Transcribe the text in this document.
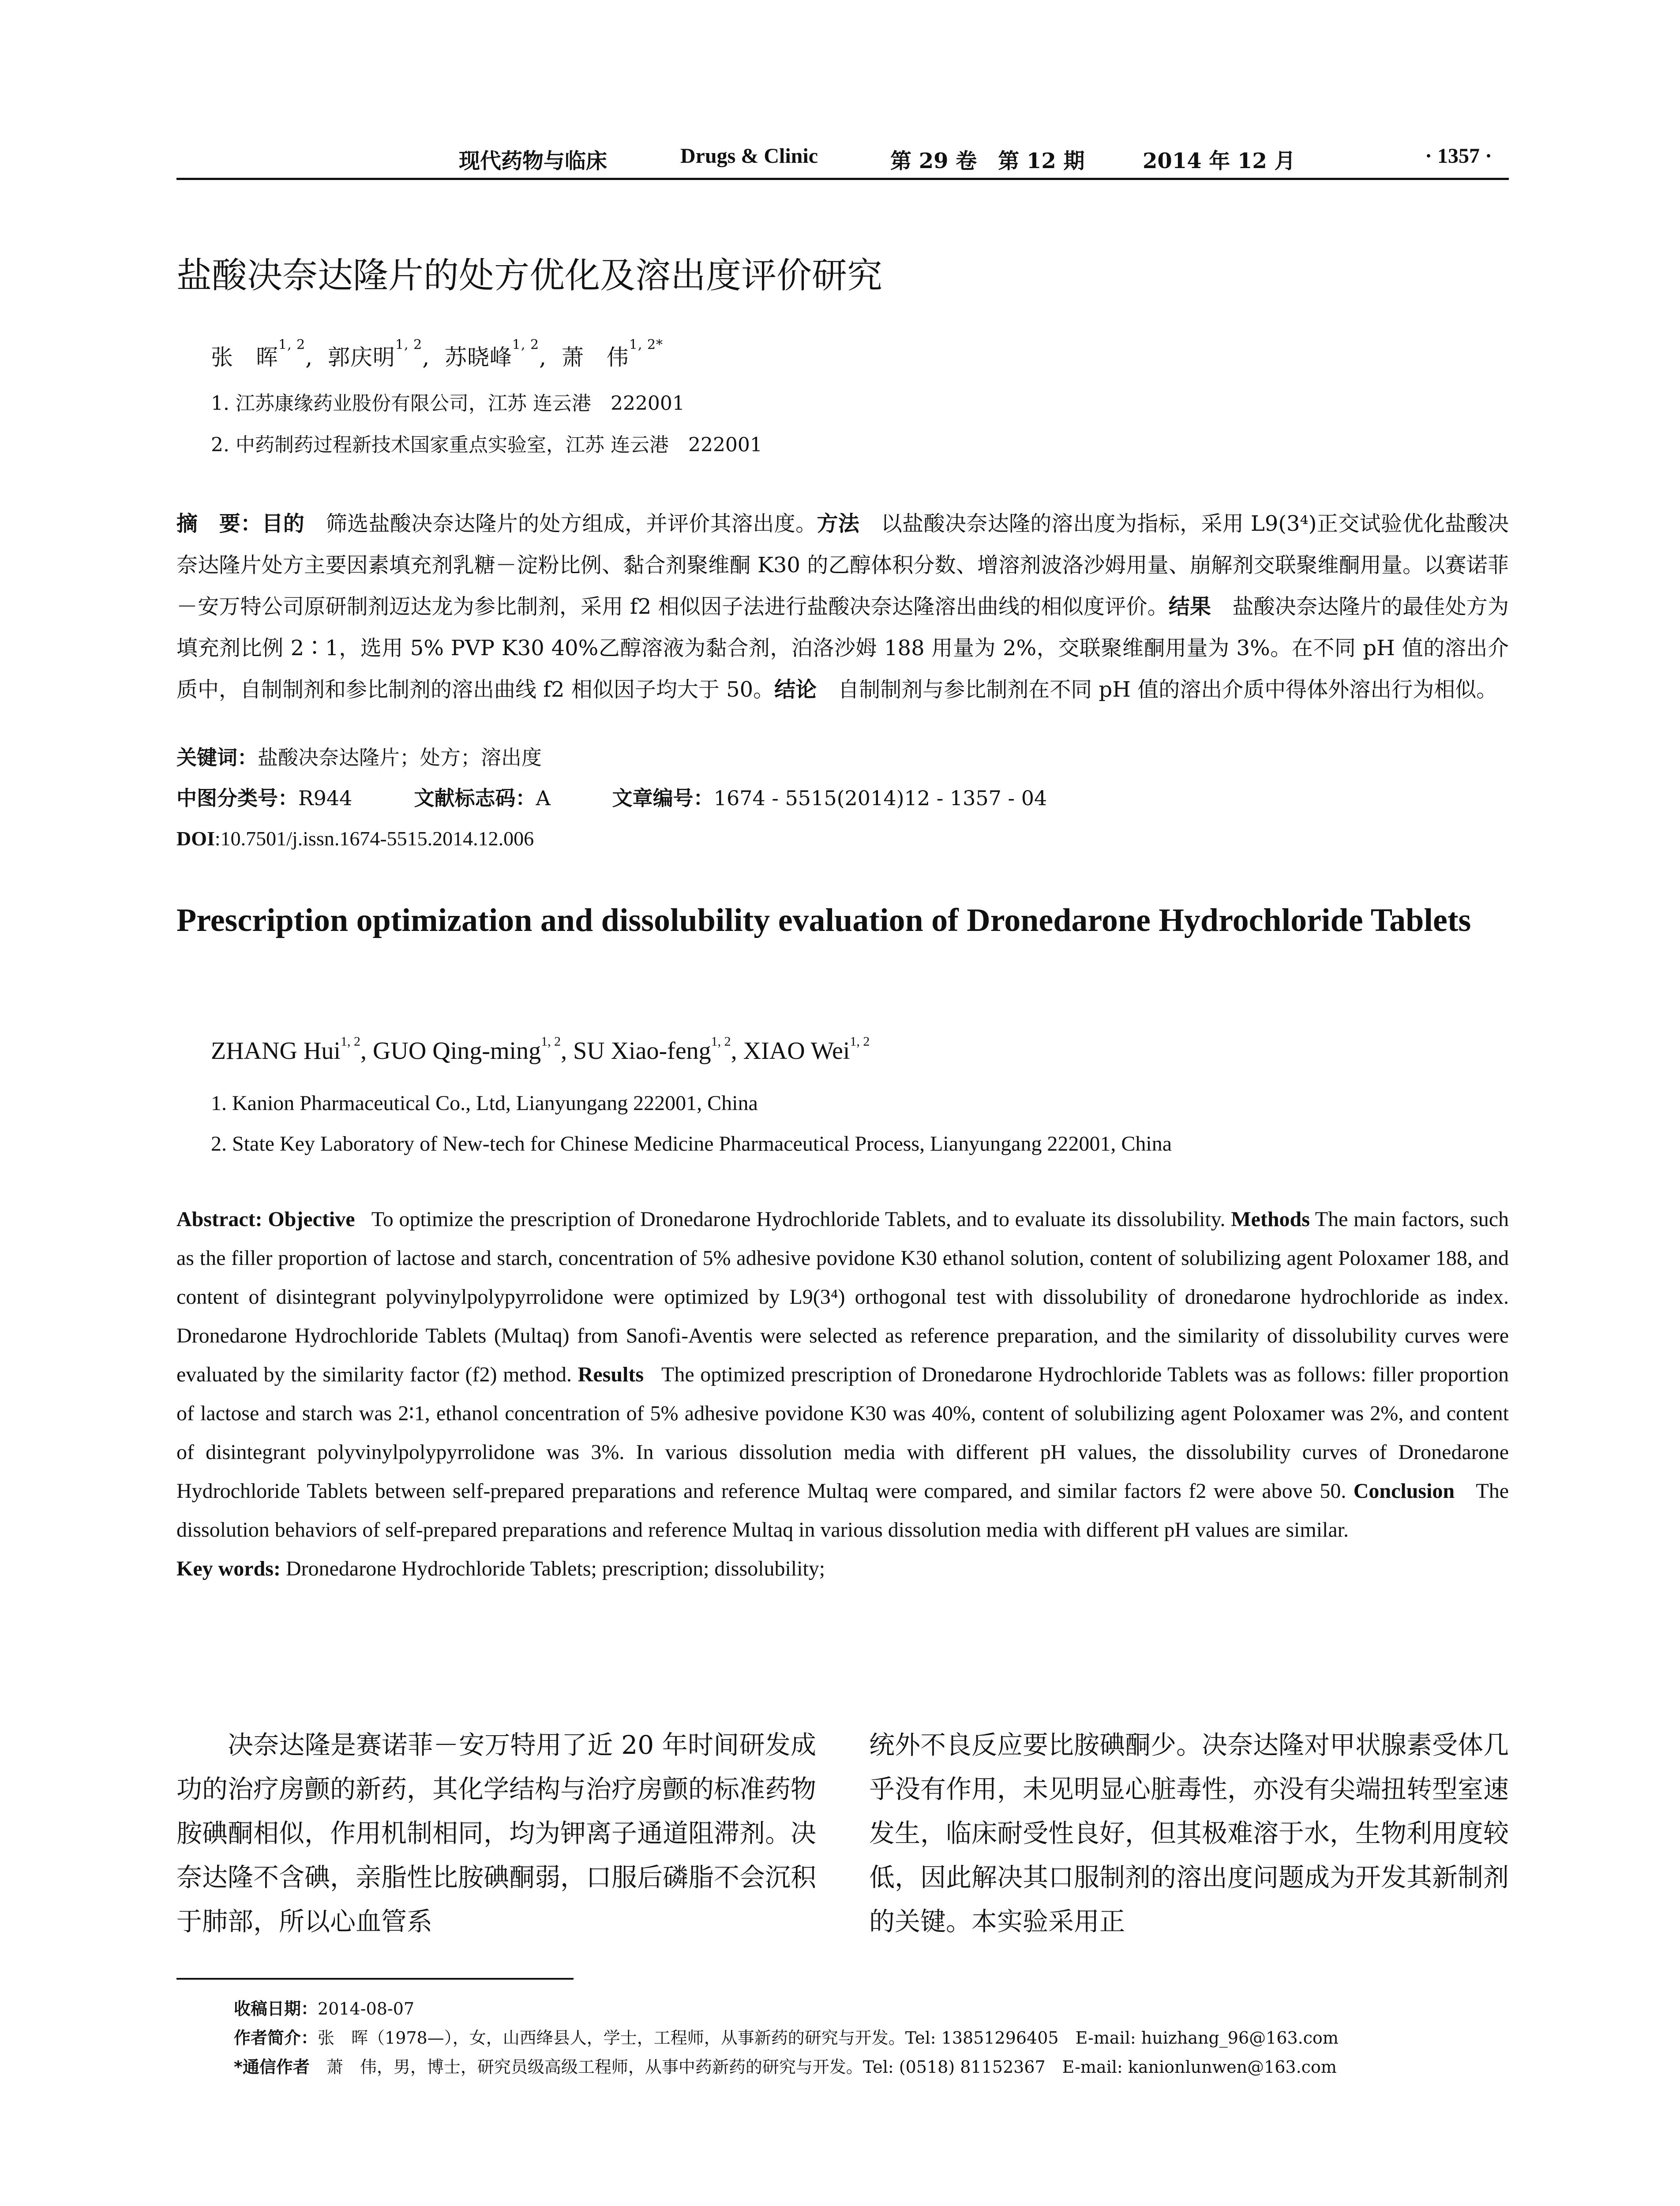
现代药物与临床	Drugs & Clinic	第 29 卷　第 12 期	2014 年 12 月	· 1357 ·
盐酸决奈达隆片的处方优化及溶出度评价研究
张　晖$^{1, 2}$,  郭庆明$^{1, 2}$,  苏晓峰$^{1, 2}$,  萧　伟$^{1, 2*}$
1. 江苏康缘药业股份有限公司，江苏 连云港　222001
2. 中药制药过程新技术国家重点实验室，江苏 连云港　222001
摘　要：目的 筛选盐酸决奈达隆片的处方组成，并评价其溶出度。方法 以盐酸决奈达隆的溶出度为指标，采用 L9(3⁴)正交试验优化盐酸决奈达隆片处方主要因素填充剂乳糖－淀粉比例、黏合剂聚维酮 K30 的乙醇体积分数、增溶剂波洛沙姆用量、崩解剂交联聚维酮用量。以赛诺菲－安万特公司原研制剂迈达龙为参比制剂，采用 f2 相似因子法进行盐酸决奈达隆溶出曲线的相似度评价。结果 盐酸决奈达隆片的最佳处方为填充剂比例 2∶1，选用 5% PVP K30 40%乙醇溶液为黏合剂，泊洛沙姆 188 用量为 2%，交联聚维酮用量为 3%。在不同 pH 值的溶出介质中，自制制剂和参比制剂的溶出曲线 f2 相似因子均大于 50。结论 自制制剂与参比制剂在不同 pH 值的溶出介质中得体外溶出行为相似。
关键词：盐酸决奈达隆片；处方；溶出度
中图分类号：R944	文献标志码：A	文章编号：1674 - 5515(2014)12 - 1357 - 04
DOI:10.7501/j.issn.1674-5515.2014.12.006
Prescription optimization and dissolubility evaluation of Dronedarone Hydrochloride Tablets
ZHANG Hui$^{1, 2}$, GUO Qing-ming$^{1, 2}$, SU Xiao-feng$^{1, 2}$, XIAO Wei$^{1, 2}$
1. Kanion Pharmaceutical Co., Ltd, Lianyungang 222001, China
2. State Key Laboratory of New-tech for Chinese Medicine Pharmaceutical Process, Lianyungang 222001, China
Abstract: Objective To optimize the prescription of Dronedarone Hydrochloride Tablets, and to evaluate its dissolubility. Methods The main factors, such as the filler proportion of lactose and starch, concentration of 5% adhesive povidone K30 ethanol solution, content of solubilizing agent Poloxamer 188, and content of disintegrant polyvinylpolypyrrolidone were optimized by L9(3⁴) orthogonal test with dissolubility of dronedarone hydrochloride as index. Dronedarone Hydrochloride Tablets (Multaq) from Sanofi-Aventis were selected as reference preparation, and the similarity of dissolubility curves were evaluated by the similarity factor (f2) method. Results The optimized prescription of Dronedarone Hydrochloride Tablets was as follows: filler proportion of lactose and starch was 2∶1, ethanol concentration of 5% adhesive povidone K30 was 40%, content of solubilizing agent Poloxamer was 2%, and content of disintegrant polyvinylpolypyrrolidone was 3%. In various dissolution media with different pH values, the dissolubility curves of Dronedarone Hydrochloride Tablets between self-prepared preparations and reference Multaq were compared, and similar factors f2 were above 50. Conclusion The dissolution behaviors of self-prepared preparations and reference Multaq in various dissolution media with different pH values are similar.
Key words: Dronedarone Hydrochloride Tablets; prescription; dissolubility;
决奈达隆是赛诺菲－安万特用了近 20 年时间研发成功的治疗房颤的新药，其化学结构与治疗房颤的标准药物胺碘酮相似，作用机制相同，均为钾离子通道阻滞剂。决奈达隆不含碘，亲脂性比胺碘酮弱，口服后磷脂不会沉积于肺部，所以心血管系
统外不良反应要比胺碘酮少。决奈达隆对甲状腺素受体几乎没有作用，未见明显心脏毒性，亦没有尖端扭转型室速发生，临床耐受性良好，但其极难溶于水，生物利用度较低，因此解决其口服制剂的溶出度问题成为开发其新制剂的关键。本实验采用正
收稿日期：2014-08-07
作者简介：张　晖（1978—），女，山西绛县人，学士，工程师，从事新药的研究与开发。Tel: 13851296405　E-mail: huizhang_96@163.com
*通信作者　萧　伟，男，博士，研究员级高级工程师，从事中药新药的研究与开发。Tel: (0518) 81152367　E-mail: kanionlunwen@163.com
